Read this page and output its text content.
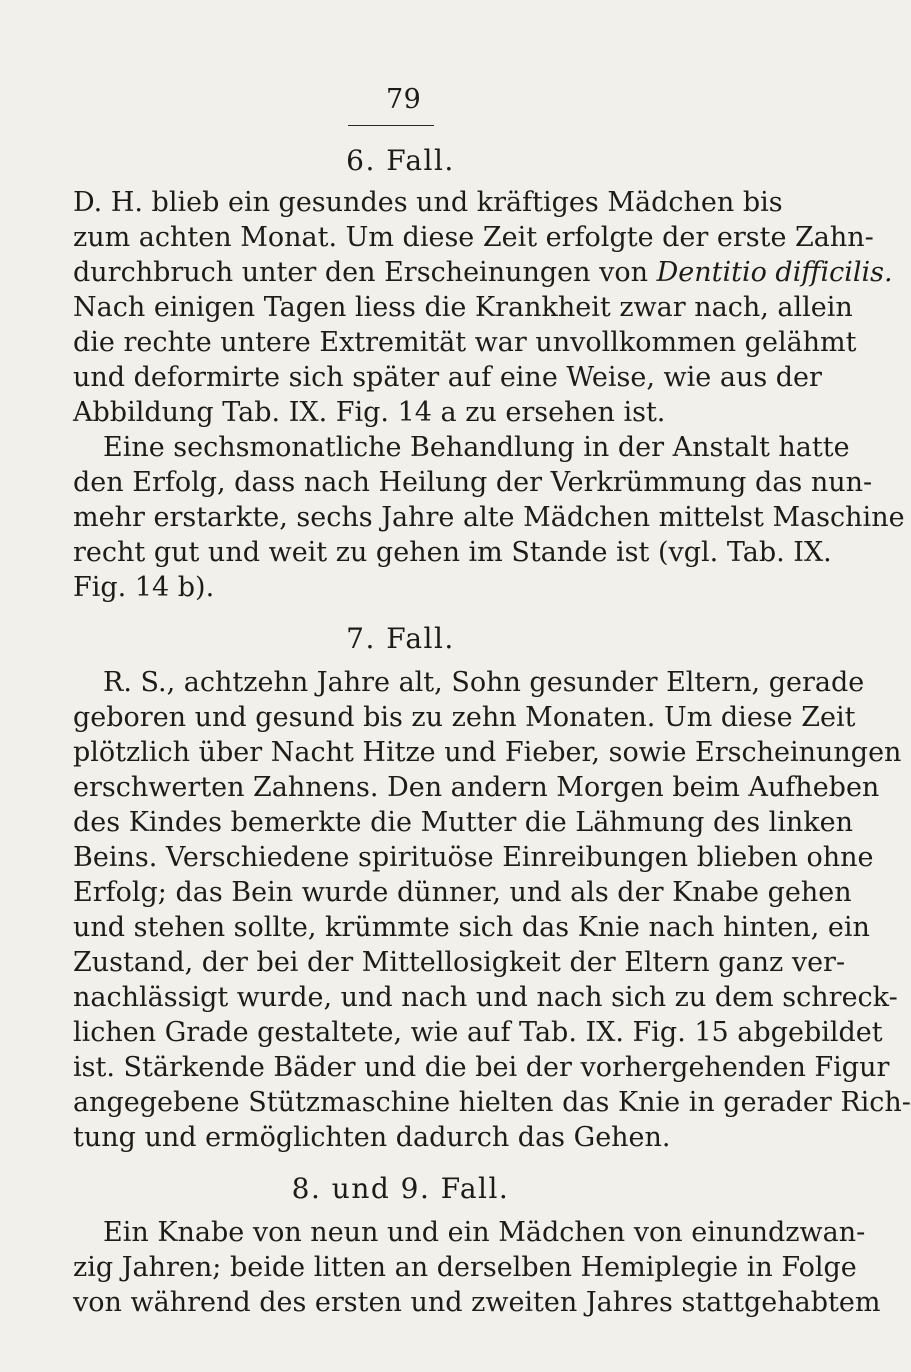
79
6. Fall.
D. H. blieb ein gesundes und kräftiges Mädchen bis
zum achten Monat. Um diese Zeit erfolgte der erste Zahn-
durchbruch unter den Erscheinungen von Dentitio difficilis.
Nach einigen Tagen liess die Krankheit zwar nach, allein
die rechte untere Extremität war unvollkommen gelähmt
und deformirte sich später auf eine Weise, wie aus der
Abbildung Tab. IX. Fig. 14 a zu ersehen ist.
Eine sechsmonatliche Behandlung in der Anstalt hatte
den Erfolg, dass nach Heilung der Verkrümmung das nun-
mehr erstarkte, sechs Jahre alte Mädchen mittelst Maschine
recht gut und weit zu gehen im Stande ist (vgl. Tab. IX.
Fig. 14 b).
7. Fall.
R. S., achtzehn Jahre alt, Sohn gesunder Eltern, gerade
geboren und gesund bis zu zehn Monaten. Um diese Zeit
plötzlich über Nacht Hitze und Fieber, sowie Erscheinungen
erschwerten Zahnens. Den andern Morgen beim Aufheben
des Kindes bemerkte die Mutter die Lähmung des linken
Beins. Verschiedene spirituöse Einreibungen blieben ohne
Erfolg; das Bein wurde dünner, und als der Knabe gehen
und stehen sollte, krümmte sich das Knie nach hinten, ein
Zustand, der bei der Mittellosigkeit der Eltern ganz ver-
nachlässigt wurde, und nach und nach sich zu dem schreck-
lichen Grade gestaltete, wie auf Tab. IX. Fig. 15 abgebildet
ist. Stärkende Bäder und die bei der vorhergehenden Figur
angegebene Stützmaschine hielten das Knie in gerader Rich-
tung und ermöglichten dadurch das Gehen.
8. und 9. Fall.
Ein Knabe von neun und ein Mädchen von einundzwan-
zig Jahren; beide litten an derselben Hemiplegie in Folge
von während des ersten und zweiten Jahres stattgehabtem
